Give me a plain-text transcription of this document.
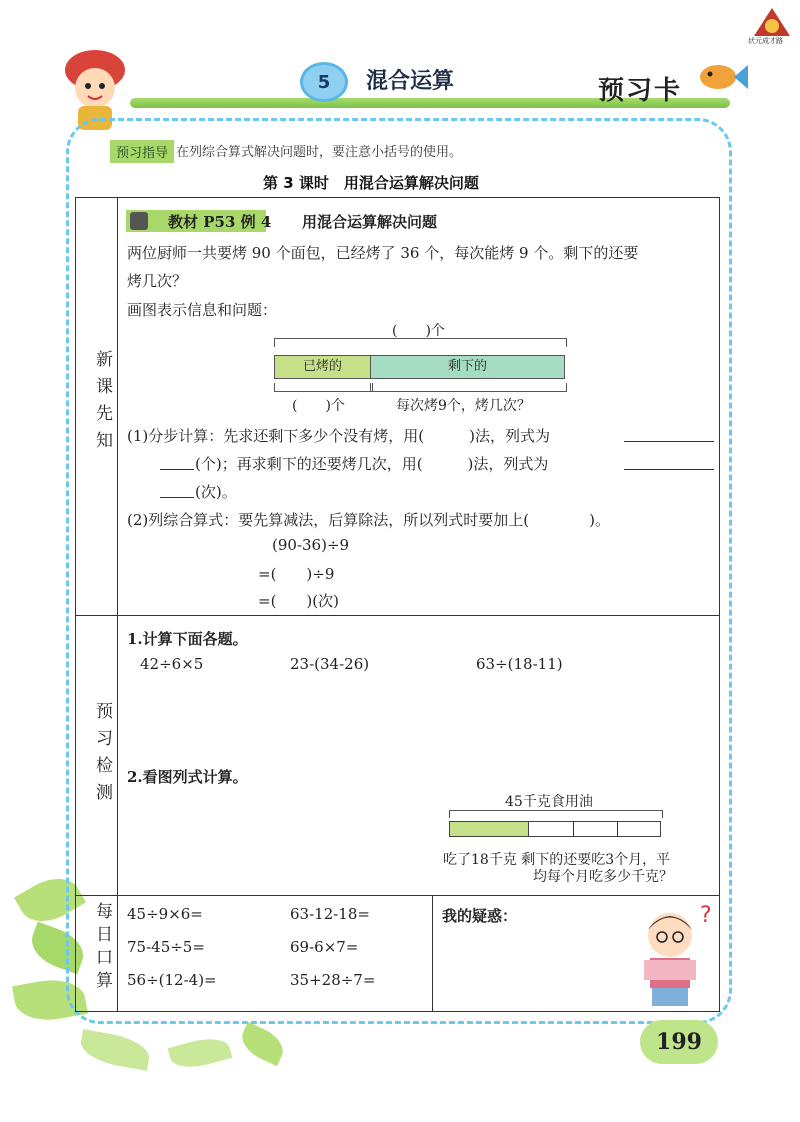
5	混合运算	预习卡
状元成才路
预习指导 在列综合算式解决问题时，要注意小括号的使用。
第 3 课时　用混合运算解决问题
新课先知
预习检测
每日口算
教材 P53 例 4 用混合运算解决问题
两位厨师一共要烤 90 个面包，已经烤了 36 个，每次能烤 9 个。剩下的还要
烤几次？
画图表示信息和问题：
(　　)个
已烤的	剩下的
(　　)个	每次烤9个，烤几次？
(1)分步计算：先求还剩下多少个没有烤，用(　　　)法，列式为
(个)；再求剩下的还要烤几次，用(　　　)法，列式为
(次)。
(2)列综合算式：要先算减法，后算除法，所以列式时要加上(　　　　)。
(90-36)÷9
=(　　)÷9
=(　　)(次)
1.计算下面各题。
42÷6×5	23-(34-26)	63÷(18-11)
2.看图列式计算。
45千克食用油
吃了18千克 剩下的还要吃3个月，平
均每个月吃多少千克？
45÷9×6=	63-12-18=
75-45÷5=	69-6×7=
56÷(12-4)=	35+28÷7=
我的疑惑：	?
199
